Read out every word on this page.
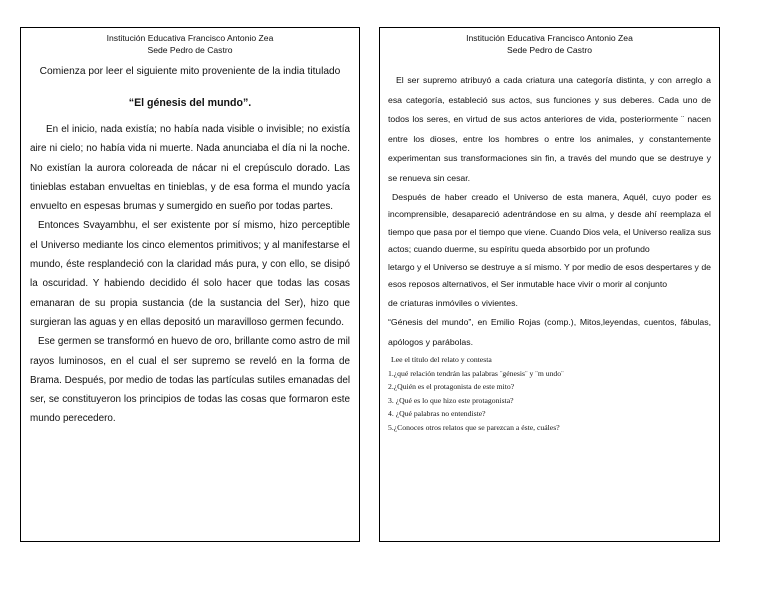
Institución Educativa Francisco Antonio Zea
Sede Pedro de Castro
Comienza por leer el siguiente mito proveniente de la india titulado
“El génesis del mundo”.

En el inicio, nada existía; no había nada visible o invisible; no existía aire ni cielo; no había vida ni muerte. Nada anunciaba el día ni la noche. No existían la aurora coloreada de nácar ni el crepúsculo dorado. Las tinieblas estaban envueltas en tinieblas, y de esa forma el mundo yacía envuelto en espesas brumas y sumergido en sueño por todas partes.

Entonces Svayambhu, el ser existente por sí mismo, hizo perceptible el Universo mediante los cinco elementos primitivos; y al manifestarse el mundo, éste resplandeció con la claridad más pura, y con ello, se disipó la oscuridad. Y habiendo decidido él solo hacer que todas las cosas emanaran de su propia sustancia (de la sustancia del Ser), hizo que surgieran las aguas y en ellas depositó un maravilloso germen fecundo.

Ese germen se transformó en huevo de oro, brillante como astro de mil rayos luminosos, en el cual el ser supremo se reveló en la forma de Brama. Después, por medio de todas las partículas sutiles emanadas del ser, se constituyeron los principios de todas las cosas que formaron este mundo perecedero.

Institución Educativa Francisco Antonio Zea
Sede Pedro de Castro

El ser supremo atribuyó a cada criatura una categoría distinta, y con arreglo a esa categoría, estableció sus actos, sus funciones y sus deberes. Cada uno de todos los seres, en virtud de sus actos anteriores de vida, posteriormente ¨ nacen entre los dioses, entre los hombres o entre los animales, y constantemente experimentan sus transformaciones sin fin, a través del mundo que se destruye y se renueva sin cesar.

Después de haber creado el Universo de esta manera, Aquél, cuyo poder es incomprensible, desapareció adentrándose en su alma, y desde ahí reemplaza el tiempo que pasa por el tiempo que viene. Cuando Dios vela, el Universo realiza sus actos; cuando duerme, su espíritu queda absorbido por un profundo

letargo y el Universo se destruye a sí mismo. Y por medio de esos despertares y de esos reposos alternativos, el Ser inmutable hace vivir o morir al conjunto

de criaturas inmóviles o vivientes.

“Génesis del mundo”, en Emilio Rojas (comp.), Mitos,leyendas, cuentos, fábulas, apólogos y parábolas.

Lee el título del relato y contesta
1.¿qué relación tendrán las palabras ¨génesis¨ y ¨m undo¨
2.¿Quién es el protagonista de este mito?
3. ¿Qué es lo que hizo este protagonista?
4. ¿Qué palabras no entendiste?
5.¿Conoces otros relatos que se parezcan a éste, cuáles?
